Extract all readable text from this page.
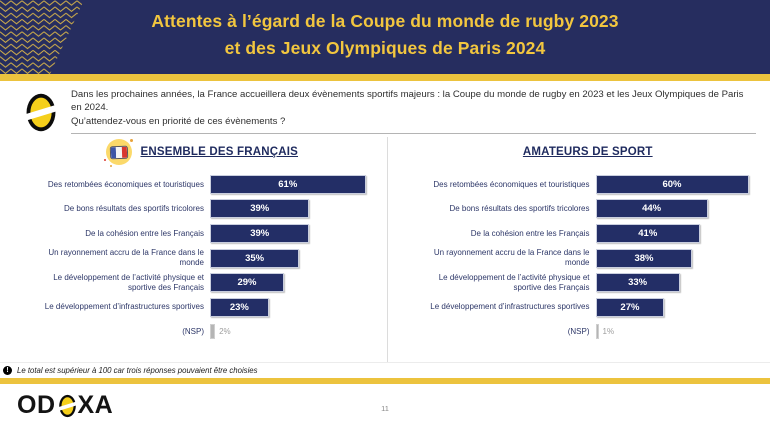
Attentes à l’égard de la Coupe du monde de rugby 2023
et des Jeux Olympiques de Paris 2024

Dans les prochaines années, la France accueillera deux évènements sportifs majeurs : la Coupe du monde de rugby en 2023 et les Jeux Olympiques de Paris en 2024.

Qu’attendez-vous en priorité de ces évènements ?

ENSEMBLE DES FRANÇAIS
Des retombées économiques et touristiques	61%
De bons résultats des sportifs tricolores	39%
De la cohésion entre les Français	39%
Un rayonnement accru de la France dans le monde	35%
Le développement de l’activité physique et sportive des Français	29%
Le développement d’infrastructures sportives	23%
(NSP)	2%
AMATEURS DE SPORT
Des retombées économiques et touristiques	60%
De bons résultats des sportifs tricolores	44%
De la cohésion entre les Français	41%
Un rayonnement accru de la France dans le monde	38%
Le développement de l’activité physique et sportive des Français	33%
Le développement d’infrastructures sportives	27%
(NSP)	1%
!	Le total est supérieur à 100 car trois réponses pouvaient être choisies
OD XA	11
